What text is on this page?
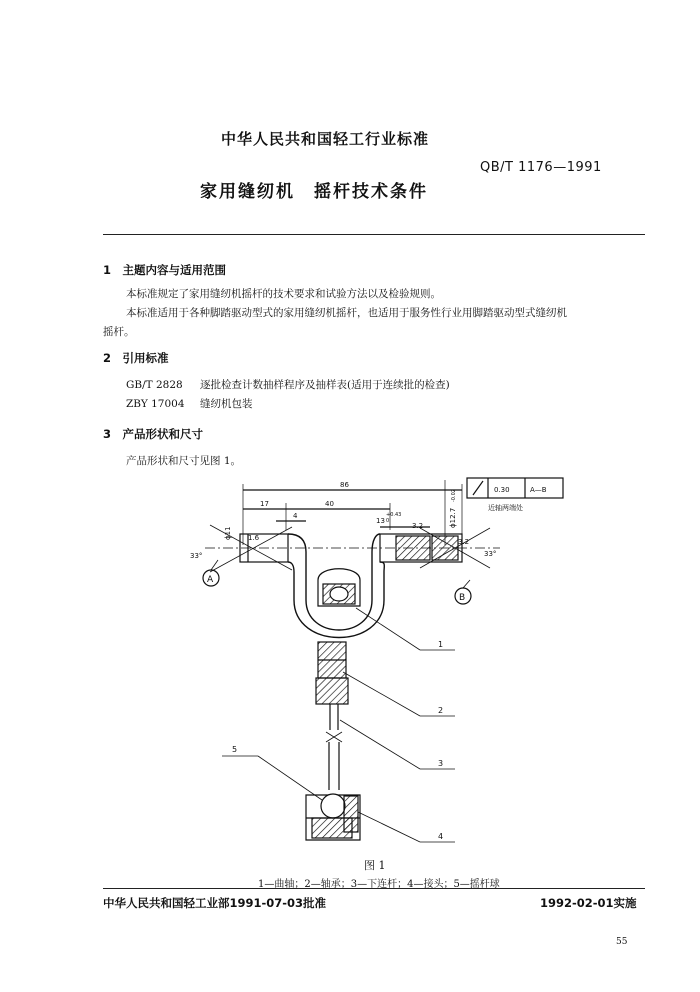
中华人民共和国轻工行业标准
QB/T 1176—1991
家用缝纫机　摇杆技术条件
1　主题内容与适用范围
本标准规定了家用缝纫机摇杆的技术要求和试验方法以及检验规则。
本标准适用于各种脚踏驱动型式的家用缝纫机摇杆，也适用于服务性行业用脚踏驱动型式缝纫机
摇杆。
2　引用标准
GB/T 2828 逐批检查计数抽样程序及抽样表(适用于连续批的检查)
ZBY 17004 缝纫机包装
3　产品形状和尺寸
产品形状和尺寸见图 1。
86
17	40
4
13
+0.43
0
ϕ11
ϕ12.7
-0.02
1.6
3.2
3.2
33°	33°
A
B
0.30	A—B
近轴两端处
1
2
3
4
5
图 1
1—曲轴；2—轴承；3—下连杆；4—接头；5—摇杆球
中华人民共和国轻工业部1991-07-03批准	1992-02-01实施
55
